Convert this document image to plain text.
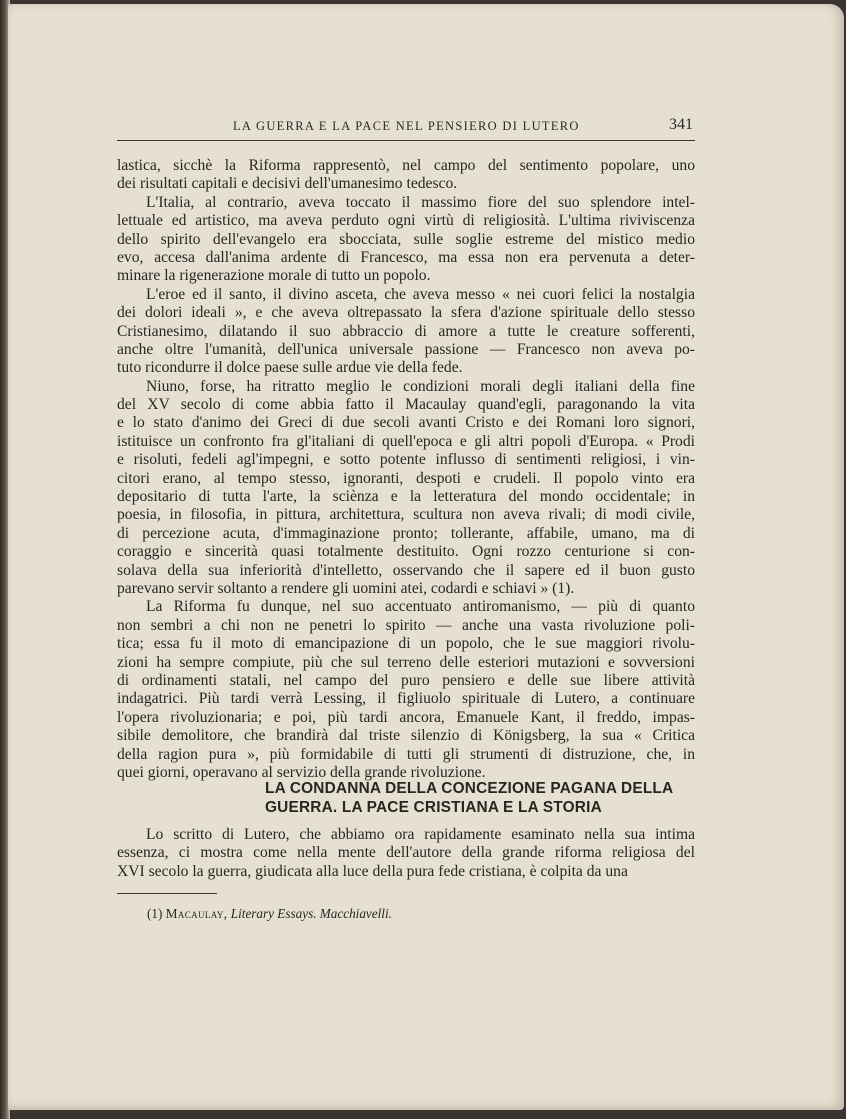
LA GUERRA E LA PACE NEL PENSIERO DI LUTERO	341
lastica, sicchè la Riforma rappresentò, nel campo del sentimento popolare, uno
dei risultati capitali e decisivi dell'umanesimo tedesco.
L'Italia, al contrario, aveva toccato il massimo fiore del suo splendore intel-
lettuale ed artistico, ma aveva perduto ogni virtù di religiosità. L'ultima riviviscenza
dello spirito dell'evangelo era sbocciata, sulle soglie estreme del mistico medio
evo, accesa dall'anima ardente di Francesco, ma essa non era pervenuta a deter-
minare la rigenerazione morale di tutto un popolo.
L'eroe ed il santo, il divino asceta, che aveva messo « nei cuori felici la nostalgia
dei dolori ideali », e che aveva oltrepassato la sfera d'azione spirituale dello stesso
Cristianesimo, dilatando il suo abbraccio di amore a tutte le creature sofferenti,
anche oltre l'umanità, dell'unica universale passione — Francesco non aveva po-
tuto ricondurre il dolce paese sulle ardue vie della fede.
Niuno, forse, ha ritratto meglio le condizioni morali degli italiani della fine
del XV secolo di come abbia fatto il Macaulay quand'egli, paragonando la vita
e lo stato d'animo dei Greci di due secoli avanti Cristo e dei Romani loro signori,
istituisce un confronto fra gl'italiani di quell'epoca e gli altri popoli d'Europa. « Prodi
e risoluti, fedeli agl'impegni, e sotto potente influsso di sentimenti religiosi, i vin-
citori erano, al tempo stesso, ignoranti, despoti e crudeli. Il popolo vinto era
depositario di tutta l'arte, la sciènza e la letteratura del mondo occidentale; in
poesia, in filosofia, in pittura, architettura, scultura non aveva rivali; di modi civile,
di percezione acuta, d'immaginazione pronto; tollerante, affabile, umano, ma di
coraggio e sincerità quasi totalmente destituito. Ogni rozzo centurione si con-
solava della sua inferiorità d'intelletto, osservando che il sapere ed il buon gusto
parevano servir soltanto a rendere gli uomini atei, codardi e schiavi » (1).
La Riforma fu dunque, nel suo accentuato antiromanismo, — più di quanto
non sembri a chi non ne penetri lo spirito — anche una vasta rivoluzione poli-
tica; essa fu il moto di emancipazione di un popolo, che le sue maggiori rivolu-
zioni ha sempre compiute, più che sul terreno delle esteriori mutazioni e sovversioni
di ordinamenti statali, nel campo del puro pensiero e delle sue libere attività
indagatrici. Più tardi verrà Lessing, il figliuolo spirituale di Lutero, a continuare
l'opera rivoluzionaria; e poi, più tardi ancora, Emanuele Kant, il freddo, impas-
sibile demolitore, che brandirà dal triste silenzio di Königsberg, la sua « Critica
della ragion pura », più formidabile di tutti gli strumenti di distruzione, che, in
quei giorni, operavano al servizio della grande rivoluzione.
LA CONDANNA DELLA CONCEZIONE PAGANA DELLA
GUERRA. LA PACE CRISTIANA E LA STORIA
Lo scritto di Lutero, che abbiamo ora rapidamente esaminato nella sua intima
essenza, ci mostra come nella mente dell'autore della grande riforma religiosa del
XVI secolo la guerra, giudicata alla luce della pura fede cristiana, è colpita da una
(1) Macaulay, Literary Essays. Macchiavelli.
